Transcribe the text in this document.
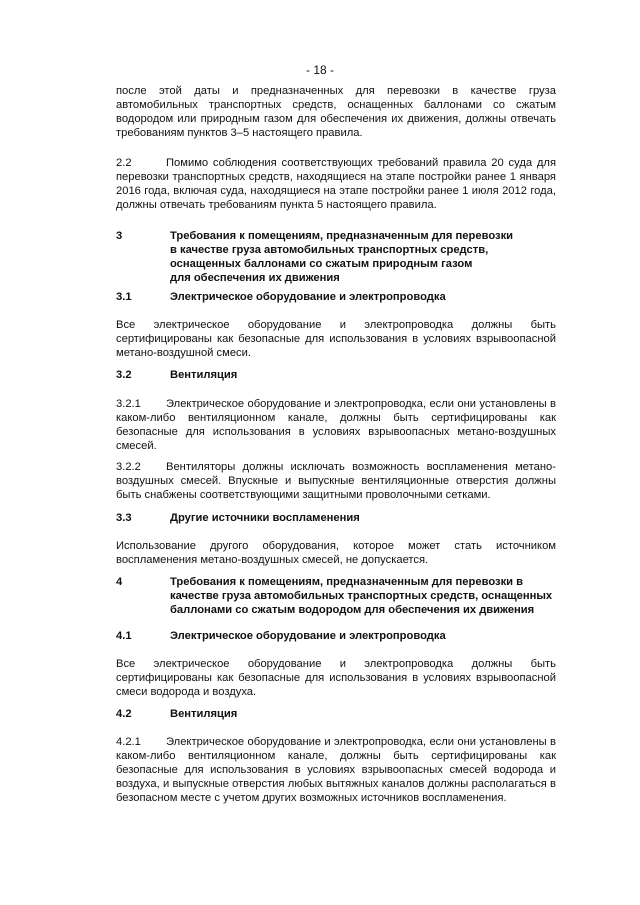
- 18 -
после этой даты и предназначенных для перевозки в качестве груза автомобильных транспортных средств, оснащенных баллонами со сжатым водородом или природным газом для обеспечения их движения, должны отвечать требованиям пунктов 3–5 настоящего правила.
Помимо соблюдения соответствующих требований правила 20 суда для перевозки транспортных средств, находящиеся на этапе постройки ранее 1 января 2016 года, включая суда, находящиеся на этапе постройки ранее 1 июля 2012 года, должны отвечать требованиям пункта 5 настоящего правила.
2.2
3	Требования к помещениям, предназначенным для перевозки
в качестве груза автомобильных транспортных средств,
оснащенных баллонами со сжатым природным газом
для обеспечения их движения
3.1	Электрическое оборудование и электропроводка
Все электрическое оборудование и электропроводка должны быть сертифицированы как безопасные для использования в условиях взрывоопасной метано-воздушной смеси.
3.2	Вентиляция
Электрическое оборудование и электропроводка, если они установлены в каком-либо вентиляционном канале, должны быть сертифицированы как безопасные для использования в условиях взрывоопасных метано-воздушных смесей.
3.2.1
Вентиляторы должны исключать возможность воспламенения метано-воздушных смесей. Впускные и выпускные вентиляционные отверстия должны быть снабжены соответствующими защитными проволочными сетками.
3.2.2
3.3	Другие источники воспламенения
Использование другого оборудования, которое может стать источником воспламенения метано-воздушных смесей, не допускается.
4	Требования к помещениям, предназначенным для перевозки в
качестве груза автомобильных транспортных средств, оснащенных
баллонами со сжатым водородом для обеспечения их движения
4.1	Электрическое оборудование и электропроводка
Все электрическое оборудование и электропроводка должны быть сертифицированы как безопасные для использования в условиях взрывоопасной смеси водорода и воздуха.
4.2	Вентиляция
Электрическое оборудование и электропроводка, если они установлены в каком-либо вентиляционном канале, должны быть сертифицированы как безопасные для использования в условиях взрывоопасных смесей водорода и воздуха, и выпускные отверстия любых вытяжных каналов должны располагаться в безопасном месте с учетом других возможных источников воспламенения.
4.2.1
